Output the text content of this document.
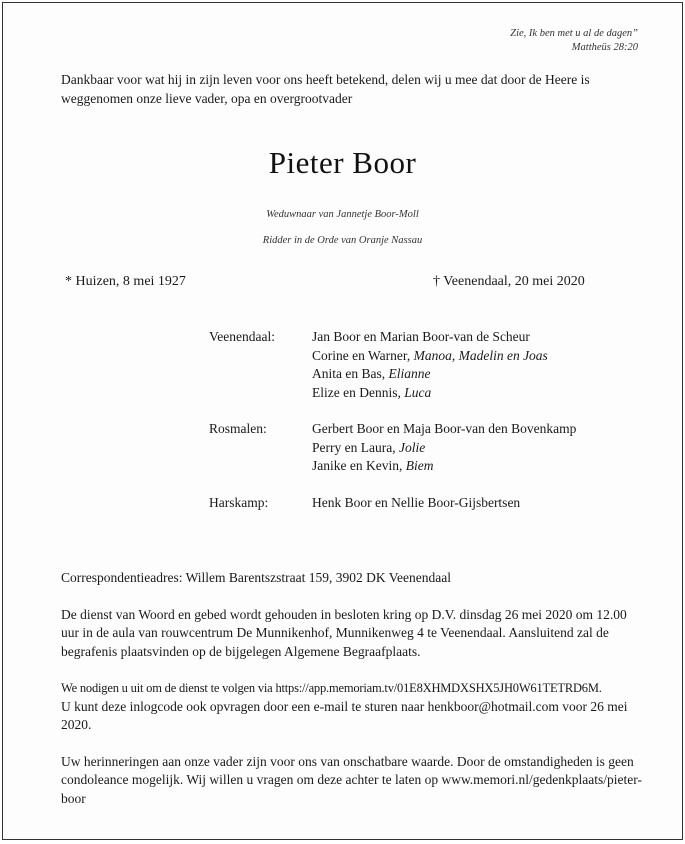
Zie, Ik ben met u al de dagen”
Mattheüs 28:20
Dankbaar voor wat hij in zijn leven voor ons heeft betekend, delen wij u mee dat door de Heere is weggenomen onze lieve vader, opa en overgrootvader
Pieter Boor
Weduwnaar van Jannetje Boor-Moll
Ridder in de Orde van Oranje Nassau
* Huizen, 8 mei 1927	† Veenendaal, 20 mei 2020
Veenendaal:	Jan Boor en Marian Boor-van de Scheur
Corine en Warner, Manoa, Madelin en Joas
Anita en Bas, Elianne
Elize en Dennis, Luca
Rosmalen:	Gerbert Boor en Maja Boor-van den Bovenkamp
Perry en Laura, Jolie
Janike en Kevin, Biem
Harskamp:	Henk Boor en Nellie Boor-Gijsbertsen

Correspondentieadres: Willem Barentszstraat 159, 3902 DK Veenendaal

De dienst van Woord en gebed wordt gehouden in besloten kring op D.V. dinsdag 26 mei 2020 om 12.00 uur in de aula van rouwcentrum De Munnikenhof, Munnikenweg 4 te Veenendaal. Aansluitend zal de begrafenis plaatsvinden op de bijgelegen Algemene Begraafplaats.

We nodigen u uit om de dienst te volgen via https://app.memoriam.tv/01E8XHMDXSHX5JH0W61TETRD6M.
U kunt deze inlogcode ook opvragen door een e-mail te sturen naar henkboor@hotmail.com voor 26 mei 2020.

Uw herinneringen aan onze vader zijn voor ons van onschatbare waarde. Door de omstandigheden is geen condoleance mogelijk. Wij willen u vragen om deze achter te laten op www.memori.nl/gedenkplaats/pieter-boor
